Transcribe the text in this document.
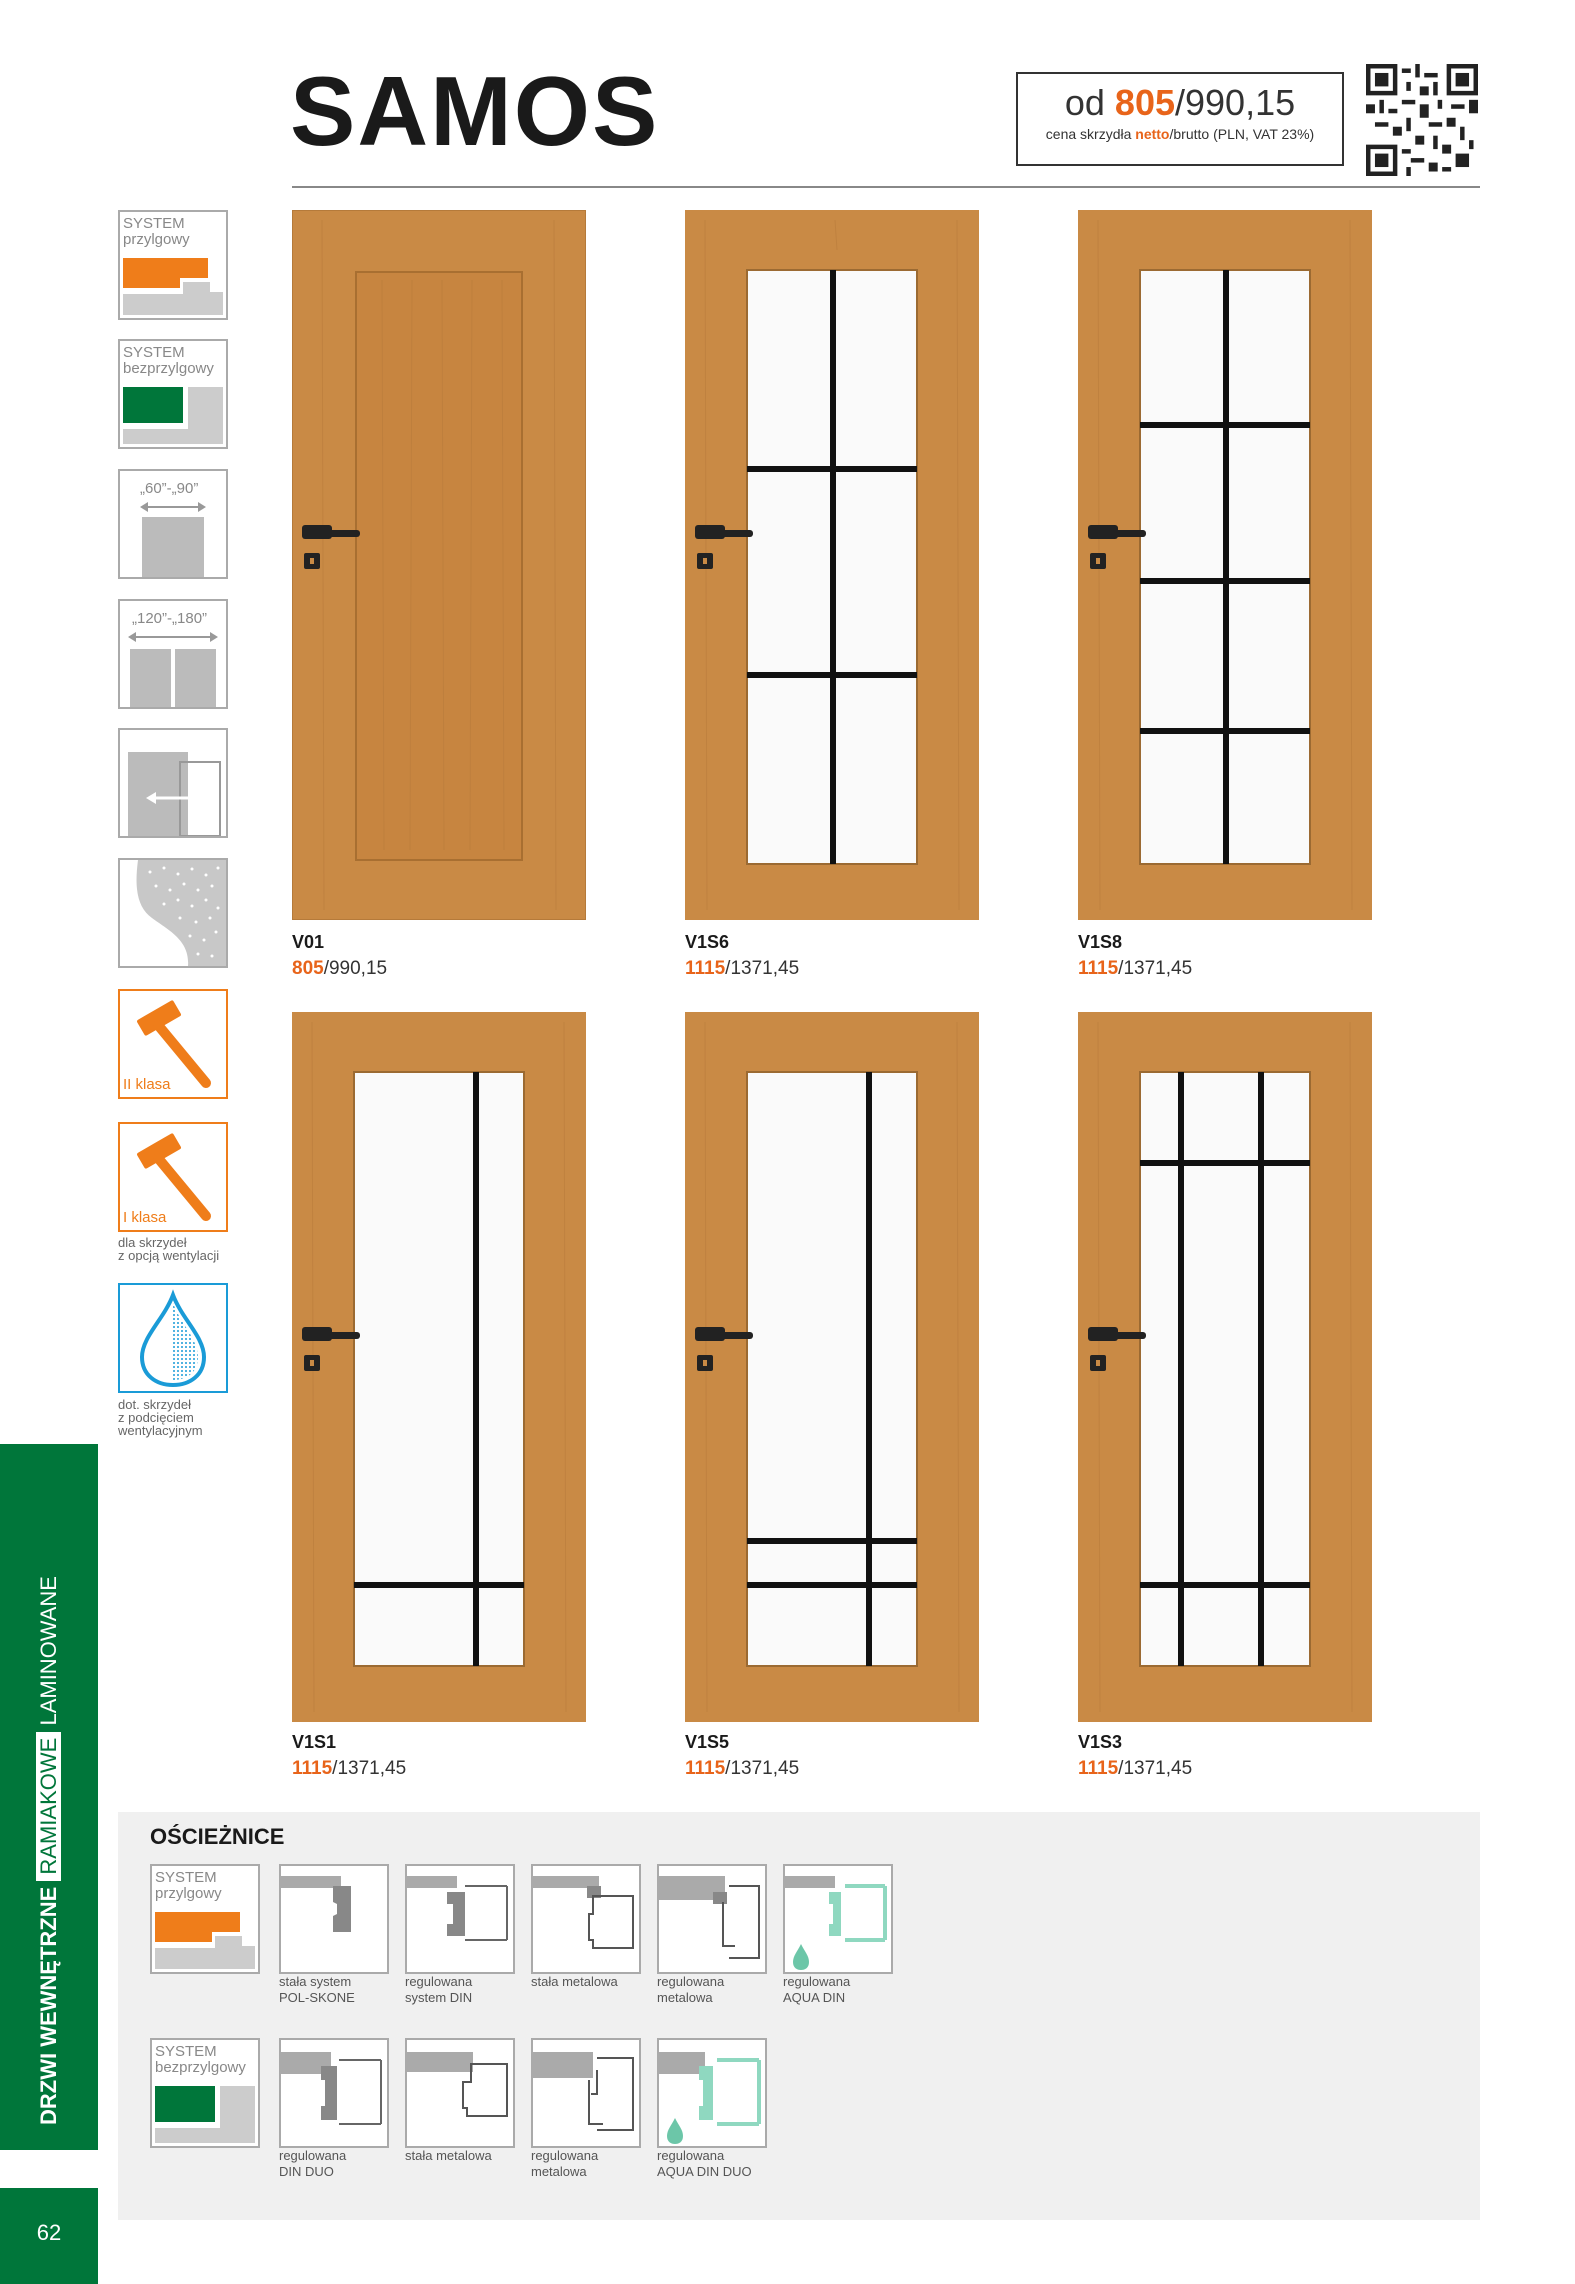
SAMOS	od 805/990,15
cena skrzydła netto/brutto (PLN, VAT 23%)
SYSTEM
przylgowy
SYSTEM
bezprzylgowy
„60”-„90”
„120”-„180”
II klasa
I klasa
dla skrzydeł
z opcją wentylacji
dot. skrzydeł
z podcięciem
wentylacyjnym
V01
805/990,15
V1S6
1115/1371,45
V1S8
1115/1371,45
V1S1
1115/1371,45
V1S5
1115/1371,45
V1S3
1115/1371,45
OŚCIEŻNICE
SYSTEM
przylgowy
stała system
POL-SKONE
regulowana
system DIN
stała metalowa	regulowana
metalowa
regulowana
AQUA DIN
SYSTEM
bezprzylgowy
regulowana
DIN DUO
stała metalowa	regulowana
metalowa
regulowana
AQUA DIN DUO
DRZWI WEWNĘTRZNE RAMIAKOWE LAMINOWANE
62
